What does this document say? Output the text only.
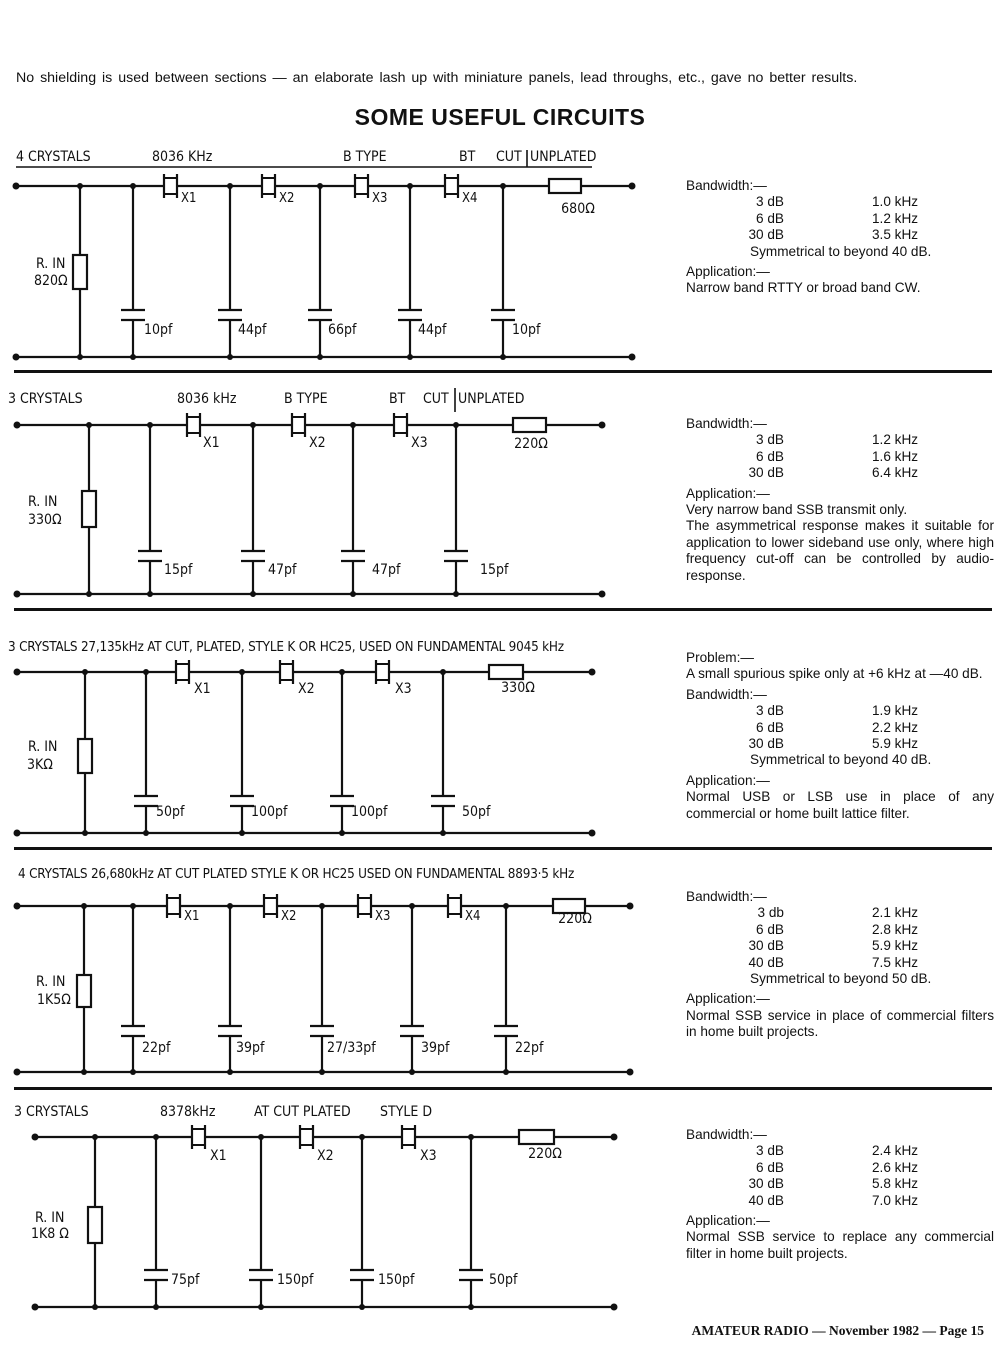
No shielding is used between sections — an elaborate lash up with miniature panels, lead throughs, etc., gave no better results.
SOME USEFUL CIRCUITS
4 CRYSTALS	8036 KHz	B TYPE	BT CUT UNPLATED
X1	X2	X3	X4
680Ω
R. IN
820Ω
10pf	44pf	66pf	44pf	10pf
Bandwidth:—
3 dB	1.0 kHz
6 dB	1.2 kHz
30 dB	3.5 kHz
Symmetrical to beyond 40 dB.
Application:—
Narrow band RTTY or broad band CW.
3 CRYSTALS	8036 kHz	B TYPE	BT CUT UNPLATED
X1	X2	X3	220Ω
R. IN
330Ω
15pf	47pf	47pf	15pf
Bandwidth:—
3 dB	1.2 kHz
6 dB	1.6 kHz
30 dB	6.4 kHz
Application:—
Very narrow band SSB transmit only.
The asymmetrical response makes it suitable for application to lower sideband use only, where high frequency cut-off can be controlled by audio-response.
3 CRYSTALS 27,135kHz AT CUT, PLATED, STYLE K OR HC25, USED ON FUNDAMENTAL 9045 kHz
X1	X2	X3	330Ω
R. IN
3KΩ
50pf	100pf	100pf	50pf
Problem:—
A small spurious spike only at +6 kHz at —40 dB.
Bandwidth:—
3 dB	1.9 kHz
6 dB	2.2 kHz
30 dB	5.9 kHz
Symmetrical to beyond 40 dB.
Application:—
Normal USB or LSB use in place of any commercial or home built lattice filter.
4 CRYSTALS 26,680kHz AT CUT PLATED STYLE K OR HC25 USED ON FUNDAMENTAL 8893·5 kHz
X1	X2	X3	X4	220Ω
R. IN
1K5Ω
22pf	39pf	27/33pf	39pf	22pf
Bandwidth:—
3 db	2.1 kHz
6 dB	2.8 kHz
30 dB	5.9 kHz
40 dB	7.5 kHz
Symmetrical to beyond 50 dB.
Application:—
Normal SSB service in place of commercial filters in home built projects.
3 CRYSTALS	8378kHz	AT CUT PLATED STYLE D
X1	X2	X3	220Ω
R. IN
1K8 Ω
75pf	150pf	150pf	50pf
Bandwidth:—
3 dB	2.4 kHz
6 dB	2.6 kHz
30 dB	5.8 kHz
40 dB	7.0 kHz
Application:—
Normal SSB service to replace any commercial filter in home built projects.
AMATEUR RADIO — November 1982 — Page 15
